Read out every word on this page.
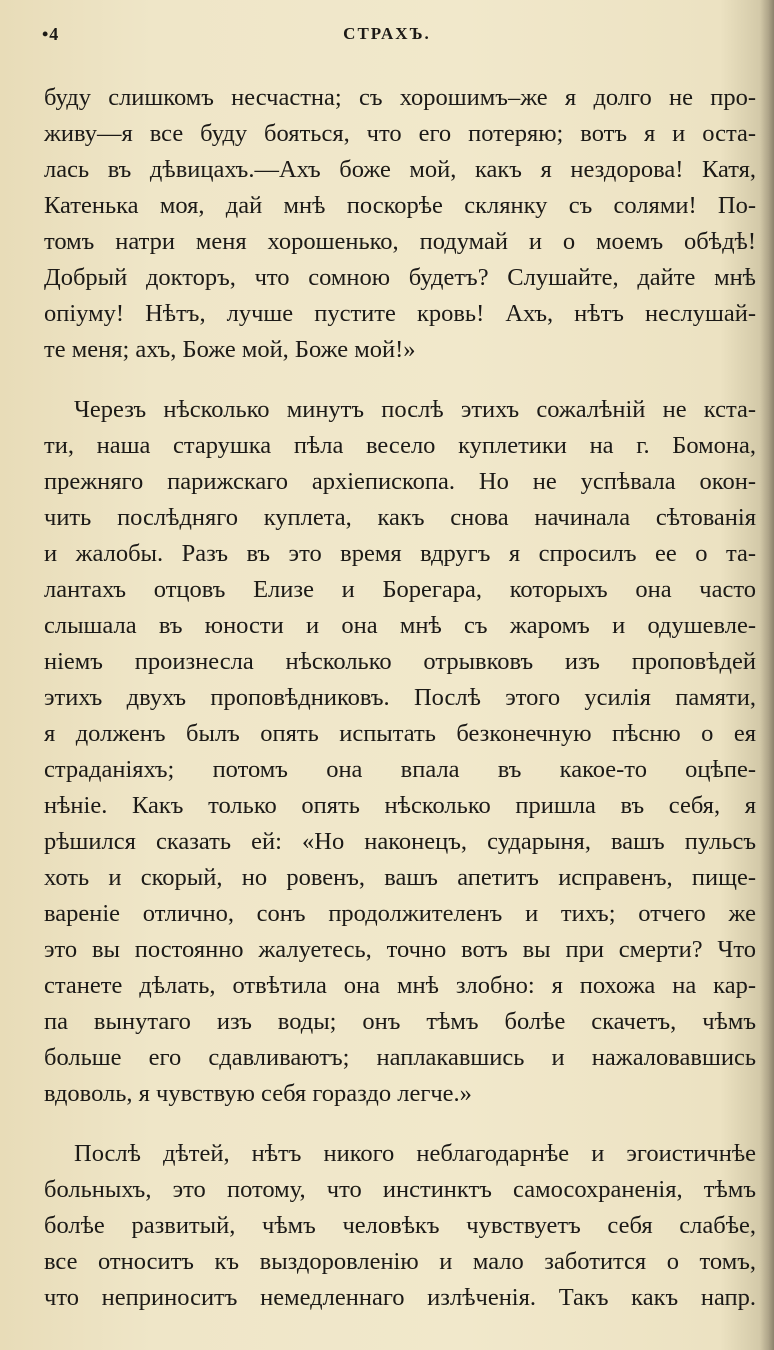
•4	СТРАХЪ.
буду слишкомъ несчастна; съ хорошимъ–же я долго не про-
живу—я все буду бояться, что его потеряю; вотъ я и оста-
лась въ дѣвицахъ.—Ахъ боже мой, какъ я нездорова! Катя,
Катенька моя, дай мнѣ поскорѣе склянку съ солями! По-
томъ натри меня хорошенько, подумай и о моемъ обѣдѣ!
Добрый докторъ, что сомною будетъ? Слушайте, дайте мнѣ
опіуму! Нѣтъ, лучше пустите кровь! Ахъ, нѣтъ неслушай-
те меня; ахъ, Боже мой, Боже мой!»
Черезъ нѣсколько минутъ послѣ этихъ сожалѣній не кста-
ти, наша старушка пѣла весело куплетики на г. Бомона,
прежняго парижскаго архіепископа. Но не успѣвала окон-
чить послѣдняго куплета, какъ снова начинала сѣтованія
и жалобы. Разъ въ это время вдругъ я спросилъ ее о та-
лантахъ отцовъ Елизе и Борегара, которыхъ она часто
слышала въ юности и она мнѣ съ жаромъ и одушевле-
ніемъ произнесла нѣсколько отрывковъ изъ проповѣдей
этихъ двухъ проповѣдниковъ. Послѣ этого усилія памяти,
я долженъ былъ опять испытать безконечную пѣсню о ея
страданіяхъ; потомъ она впала въ какое-то оцѣпе-
нѣніе. Какъ только опять нѣсколько пришла въ себя, я
рѣшился сказать ей: «Но наконецъ, сударыня, вашъ пульсъ
хоть и скорый, но ровенъ, вашъ апетитъ исправенъ, пище-
вареніе отлично, сонъ продолжителенъ и тихъ; отчего же
это вы постоянно жалуетесь, точно вотъ вы при смерти? Что
станете дѣлать, отвѣтила она мнѣ злобно: я похожа на кар-
па вынутаго изъ воды; онъ тѣмъ болѣе скачетъ, чѣмъ
больше его сдавливаютъ; наплакавшись и нажаловавшись
вдоволь, я чувствую себя гораздо легче.»
Послѣ дѣтей, нѣтъ никого неблагодарнѣе и эгоистичнѣе
больныхъ, это потому, что инстинктъ самосохраненія, тѣмъ
болѣе развитый, чѣмъ человѣкъ чувствуетъ себя слабѣе,
все относитъ къ выздоровленію и мало заботится о томъ,
что неприноситъ немедленнаго излѣченія. Такъ какъ напр.
